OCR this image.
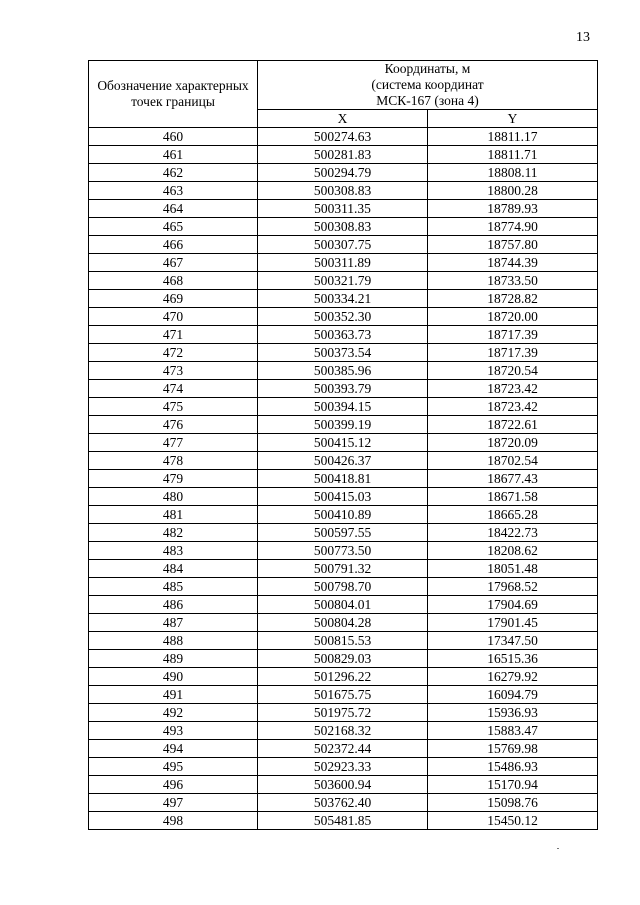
13
Обозначение характерных точек границы	Координаты, м
(система координат
МСК-167 (зона 4)	

	X	Y
460	500274.63	18811.17
461	500281.83	18811.71
462	500294.79	18808.11
463	500308.83	18800.28
464	500311.35	18789.93
465	500308.83	18774.90
466	500307.75	18757.80
467	500311.89	18744.39
468	500321.79	18733.50
469	500334.21	18728.82
470	500352.30	18720.00
471	500363.73	18717.39
472	500373.54	18717.39
473	500385.96	18720.54
474	500393.79	18723.42
475	500394.15	18723.42
476	500399.19	18722.61
477	500415.12	18720.09
478	500426.37	18702.54
479	500418.81	18677.43
480	500415.03	18671.58
481	500410.89	18665.28
482	500597.55	18422.73
483	500773.50	18208.62
484	500791.32	18051.48
485	500798.70	17968.52
486	500804.01	17904.69
487	500804.28	17901.45
488	500815.53	17347.50
489	500829.03	16515.36
490	501296.22	16279.92
491	501675.75	16094.79
492	501975.72	15936.93
493	502168.32	15883.47
494	502372.44	15769.98
495	502923.33	15486.93
496	503600.94	15170.94
497	503762.40	15098.76
498	505481.85	15450.12
